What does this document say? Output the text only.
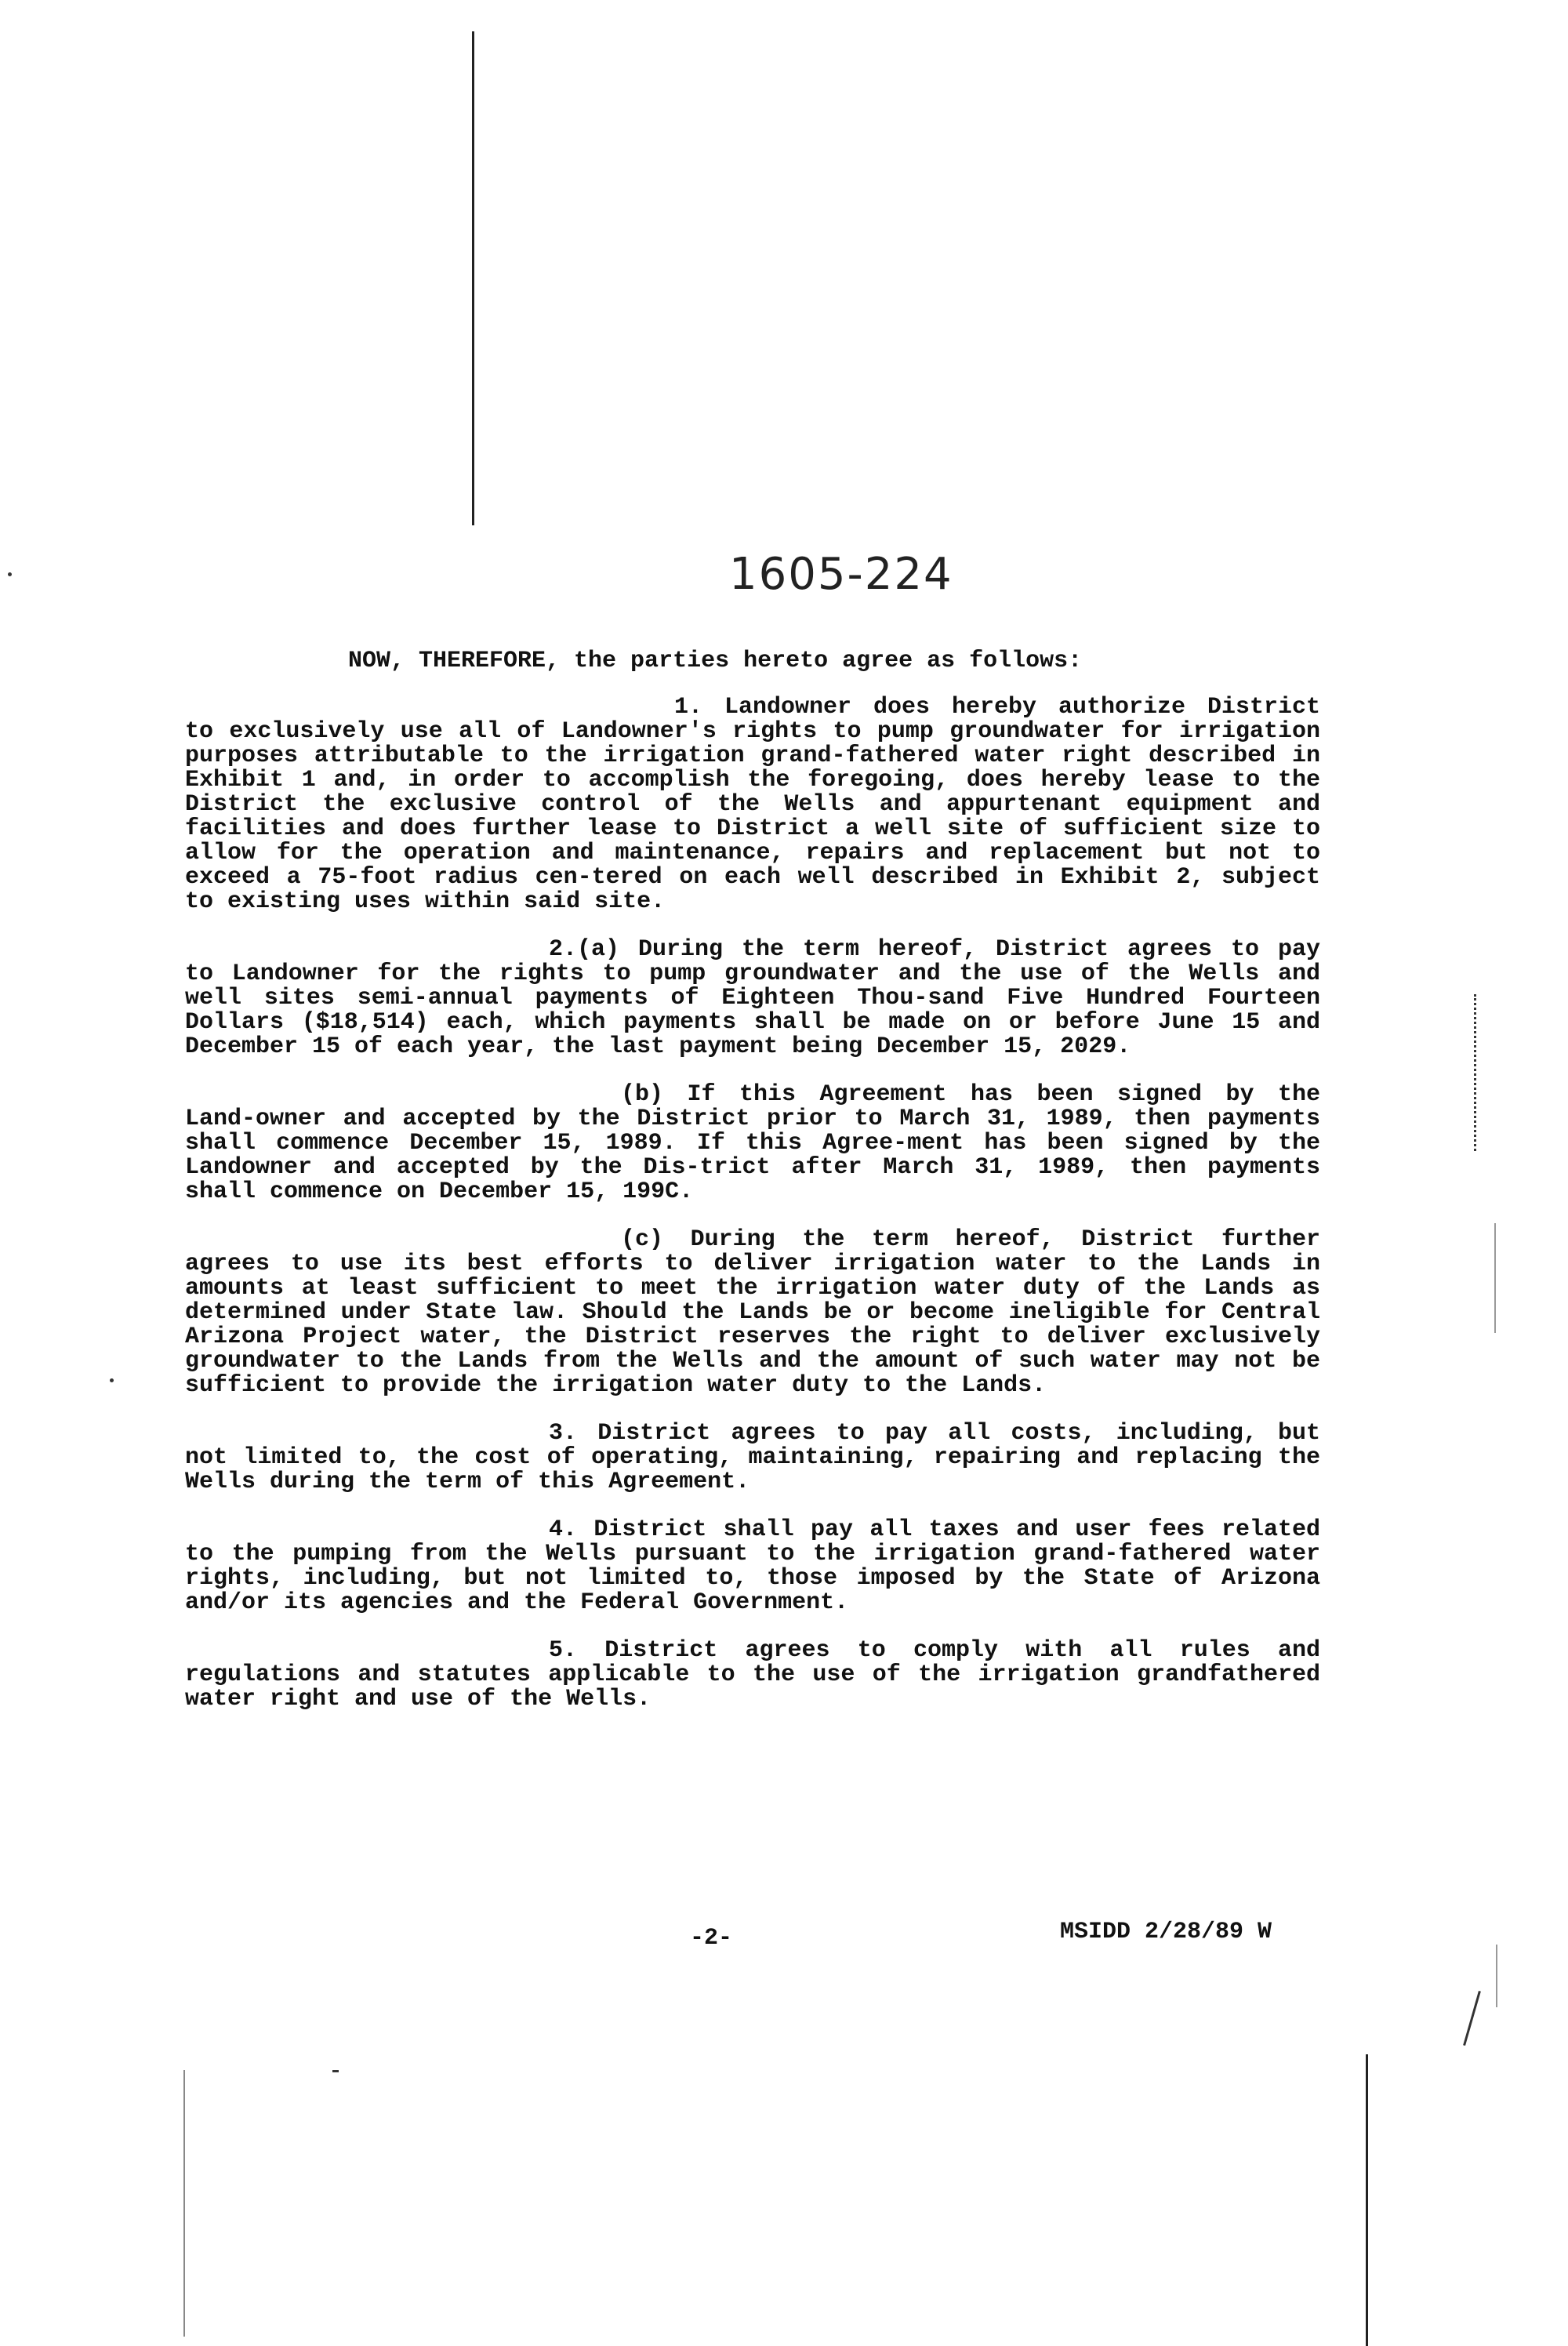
1605-224
NOW, THEREFORE, the parties hereto agree as follows:

1. Landowner does hereby authorize District to exclusively use all of Landowner's rights to pump groundwater for irrigation purposes attributable to the irrigation grand-fathered water right described in Exhibit 1 and, in order to accomplish the foregoing, does hereby lease to the District the exclusive control of the Wells and appurtenant equipment and facilities and does further lease to District a well site of sufficient size to allow for the operation and maintenance, repairs and replacement but not to exceed a 75-foot radius cen-tered on each well described in Exhibit 2, subject to existing uses within said site.

2.(a) During the term hereof, District agrees to pay to Landowner for the rights to pump groundwater and the use of the Wells and well sites semi-annual payments of Eighteen Thou-sand Five Hundred Fourteen Dollars ($18,514) each, which payments shall be made on or before June 15 and December 15 of each year, the last payment being December 15, 2029.

(b) If this Agreement has been signed by the Land-owner and accepted by the District prior to March 31, 1989, then payments shall commence December 15, 1989. If this Agree-ment has been signed by the Landowner and accepted by the Dis-trict after March 31, 1989, then payments shall commence on December 15, 199C.

(c) During the term hereof, District further agrees to use its best efforts to deliver irrigation water to the Lands in amounts at least sufficient to meet the irrigation water duty of the Lands as determined under State law. Should the Lands be or become ineligible for Central Arizona Project water, the District reserves the right to deliver exclusively groundwater to the Lands from the Wells and the amount of such water may not be sufficient to provide the irrigation water duty to the Lands.

3. District agrees to pay all costs, including, but not limited to, the cost of operating, maintaining, repairing and replacing the Wells during the term of this Agreement.

4. District shall pay all taxes and user fees related to the pumping from the Wells pursuant to the irrigation grand-fathered water rights, including, but not limited to, those imposed by the State of Arizona and/or its agencies and the Federal Government.

5. District agrees to comply with all rules and regulations and statutes applicable to the use of the irrigation grandfathered water right and use of the Wells.

-2-	MSIDD 2/28/89 W
